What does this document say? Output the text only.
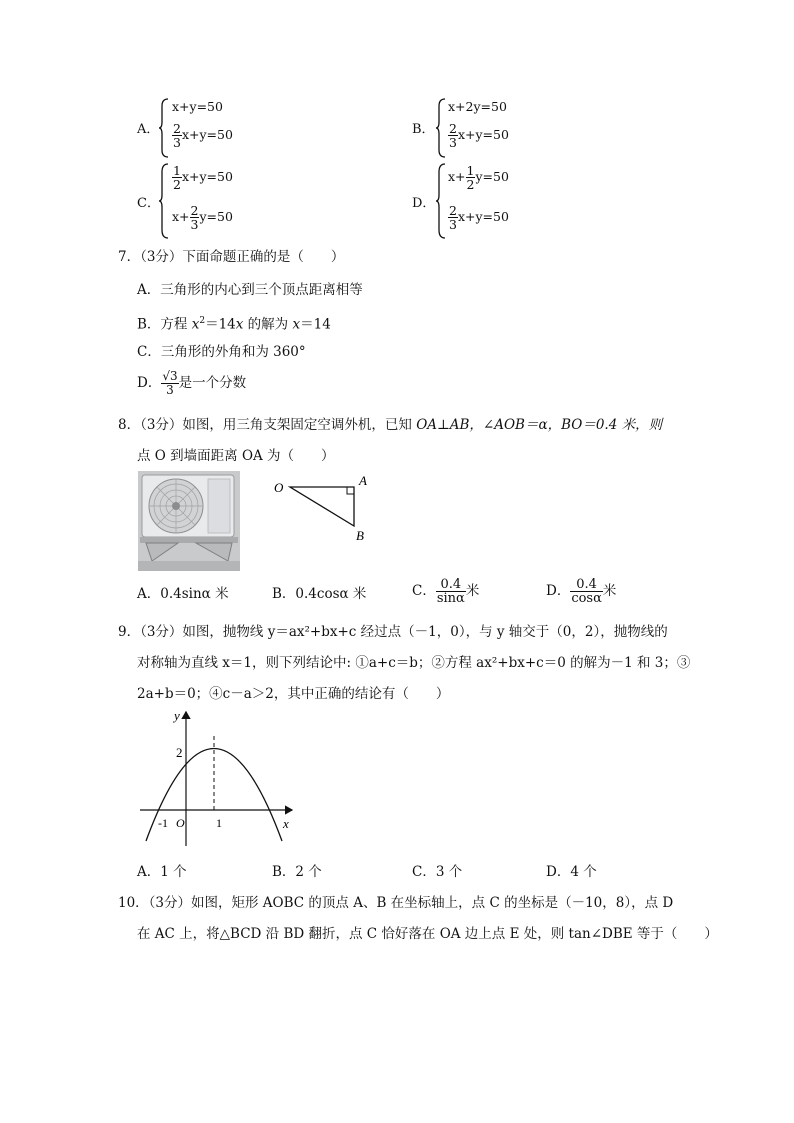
A．
x+y=50
$\frac{2}{3} x+y=50$	B．
x+2y=50
$\frac{2}{3} x+y=50$
C．
$\frac{1}{2} x+y=50$
$x+ \frac{2}{3} y=50$
D．
$x+ \frac{1}{2} y=50$
$\frac{2}{3} x+y=50$
7．（3分）下面命题正确的是（　　）
A．三角形的内心到三个顶点距离相等
B．方程 $x^2=14x$ 的解为 x＝14
C．三角形的外角和为 360°
D． $\frac{√3}{3}$ 是一个分数
8．（3分）如图，用三角支架固定空调外机，已知 OA⊥AB，∠AOB＝α，BO＝0.4 米，则
点 O 到墙面距离 OA 为（　　）
O	A
B
A．0.4sinα 米	B．0.4cosα 米	C． $\frac{0.4}{\sin\alpha}$ 米	D． $\frac{0.4}{\cos\alpha}$ 米
9．（3分）如图，抛物线 y＝ax²+bx+c 经过点（－1，0），与 y 轴交于（0，2），抛物线的
对称轴为直线 x＝1，则下列结论中: ①a+c＝b；②方程 ax²+bx+c＝0 的解为－1 和 3；③
2a+b＝0；④c－a＞2，其中正确的结论有（　　）
y
x
2
-1 O	1
A．1 个	B．2 个	C．3 个	D．4 个
10．（3分）如图，矩形 AOBC 的顶点 A、B 在坐标轴上，点 C 的坐标是（－10，8），点 D
在 AC 上，将△BCD 沿 BD 翻折，点 C 恰好落在 OA 边上点 E 处，则 tan∠DBE 等于（　　）
